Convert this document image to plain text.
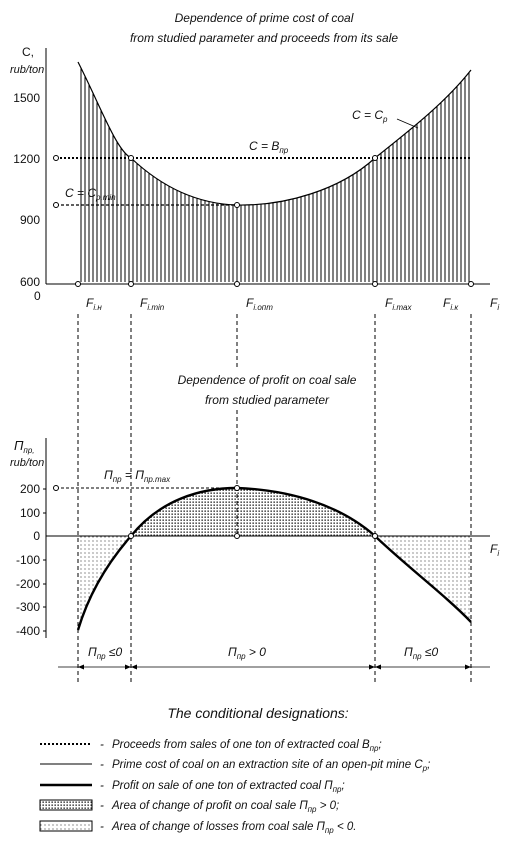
Dependence of prime cost of coal
from studied parameter and proceeds from its sale
C,
rub/ton
1500
1200
900
600
0
$C = B_{пр}$
$C = C_{p.min}$
$C = C_p$
$F_{i.н}$	$F_{i.min}$	$F_{i.опт}$	$F_{i.max}$	$F_{i.к}$	$F_i$
Dependence of profit on coal sale
from studied parameter
$П_{пр,}$
rub/ton
200
100
0
-100
-200
-300
-400
$П_{пр} = П_{пр.max}$
$F_i$
$П_{пр} \le 0$	$П_{пр} > 0$	$П_{пр} \le 0$
The conditional designations:
- Proceeds from sales of one ton of extracted coal $B_{пр}$;
- Prime cost of coal on an extraction site of an open-pit mine $C_p$;
- Profit on sale of one ton of extracted coal $П_{пр}$;
- Area of change of profit on coal sale $П_{пр} > 0$;
- Area of change of losses from coal sale $П_{пр} < 0$.
